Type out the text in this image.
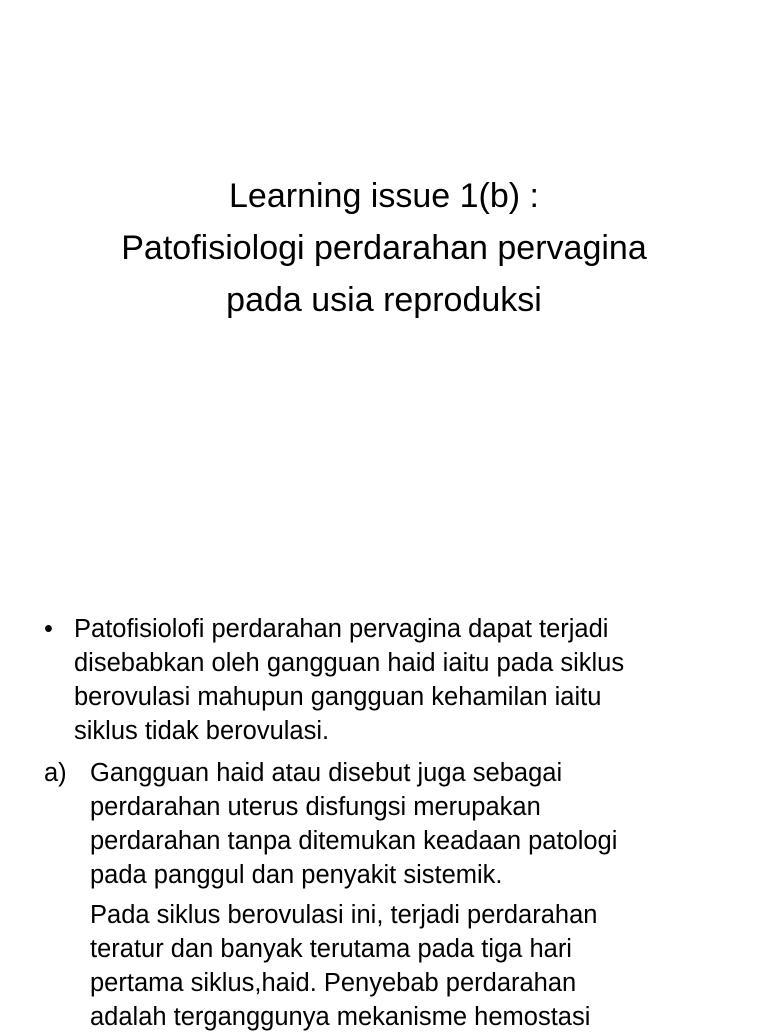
Learning issue 1(b) :
Patofisiologi perdarahan pervagina
pada usia reproduksi
• Patofisiolofi perdarahan pervagina dapat terjadi
disebabkan oleh gangguan haid iaitu pada siklus
berovulasi mahupun gangguan kehamilan iaitu
siklus tidak berovulasi.
a) Gangguan haid atau disebut juga sebagai
perdarahan uterus disfungsi merupakan
perdarahan tanpa ditemukan keadaan patologi
pada panggul dan penyakit sistemik.
Pada siklus berovulasi ini, terjadi perdarahan
teratur dan banyak terutama pada tiga hari
pertama siklus,haid. Penyebab perdarahan
adalah terganggunya mekanisme hemostasi
